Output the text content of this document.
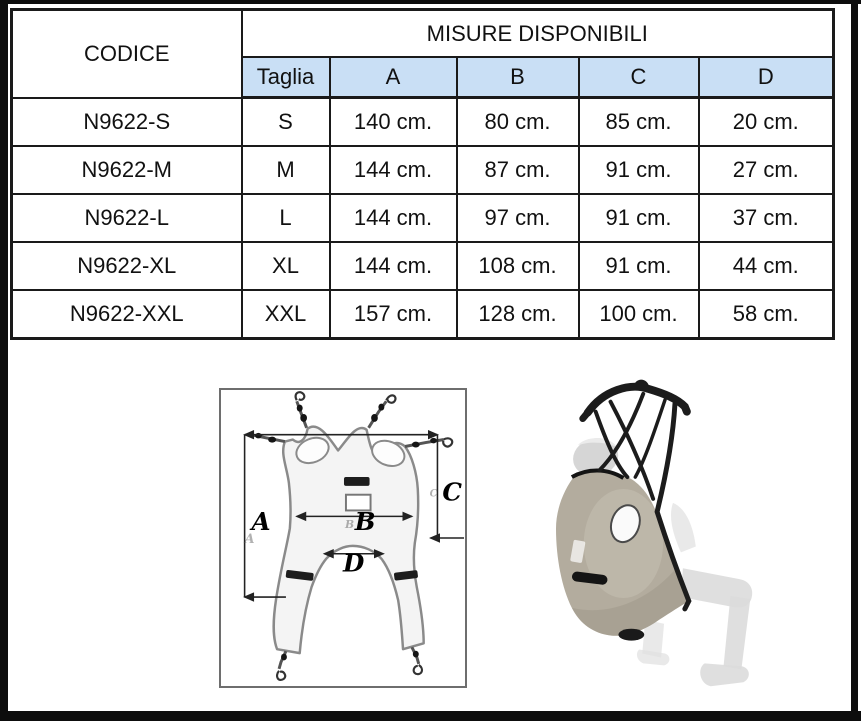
CODICE	MISURE DISPONIBILI				
	Taglia	A	B	C	D
N9622-S	S	140 cm.	80 cm.	85 cm.	20 cm.
N9622-M	M	144 cm.	87 cm.	91 cm.	27 cm.
N9622-L	L	144 cm.	97 cm.	91 cm.	37 cm.
N9622-XL	XL	144 cm.	108 cm.	91 cm.	44 cm.
N9622-XXL	XXL	157 cm.	128 cm.	100 cm.	58 cm.
A
B
C
A	B
C
D
